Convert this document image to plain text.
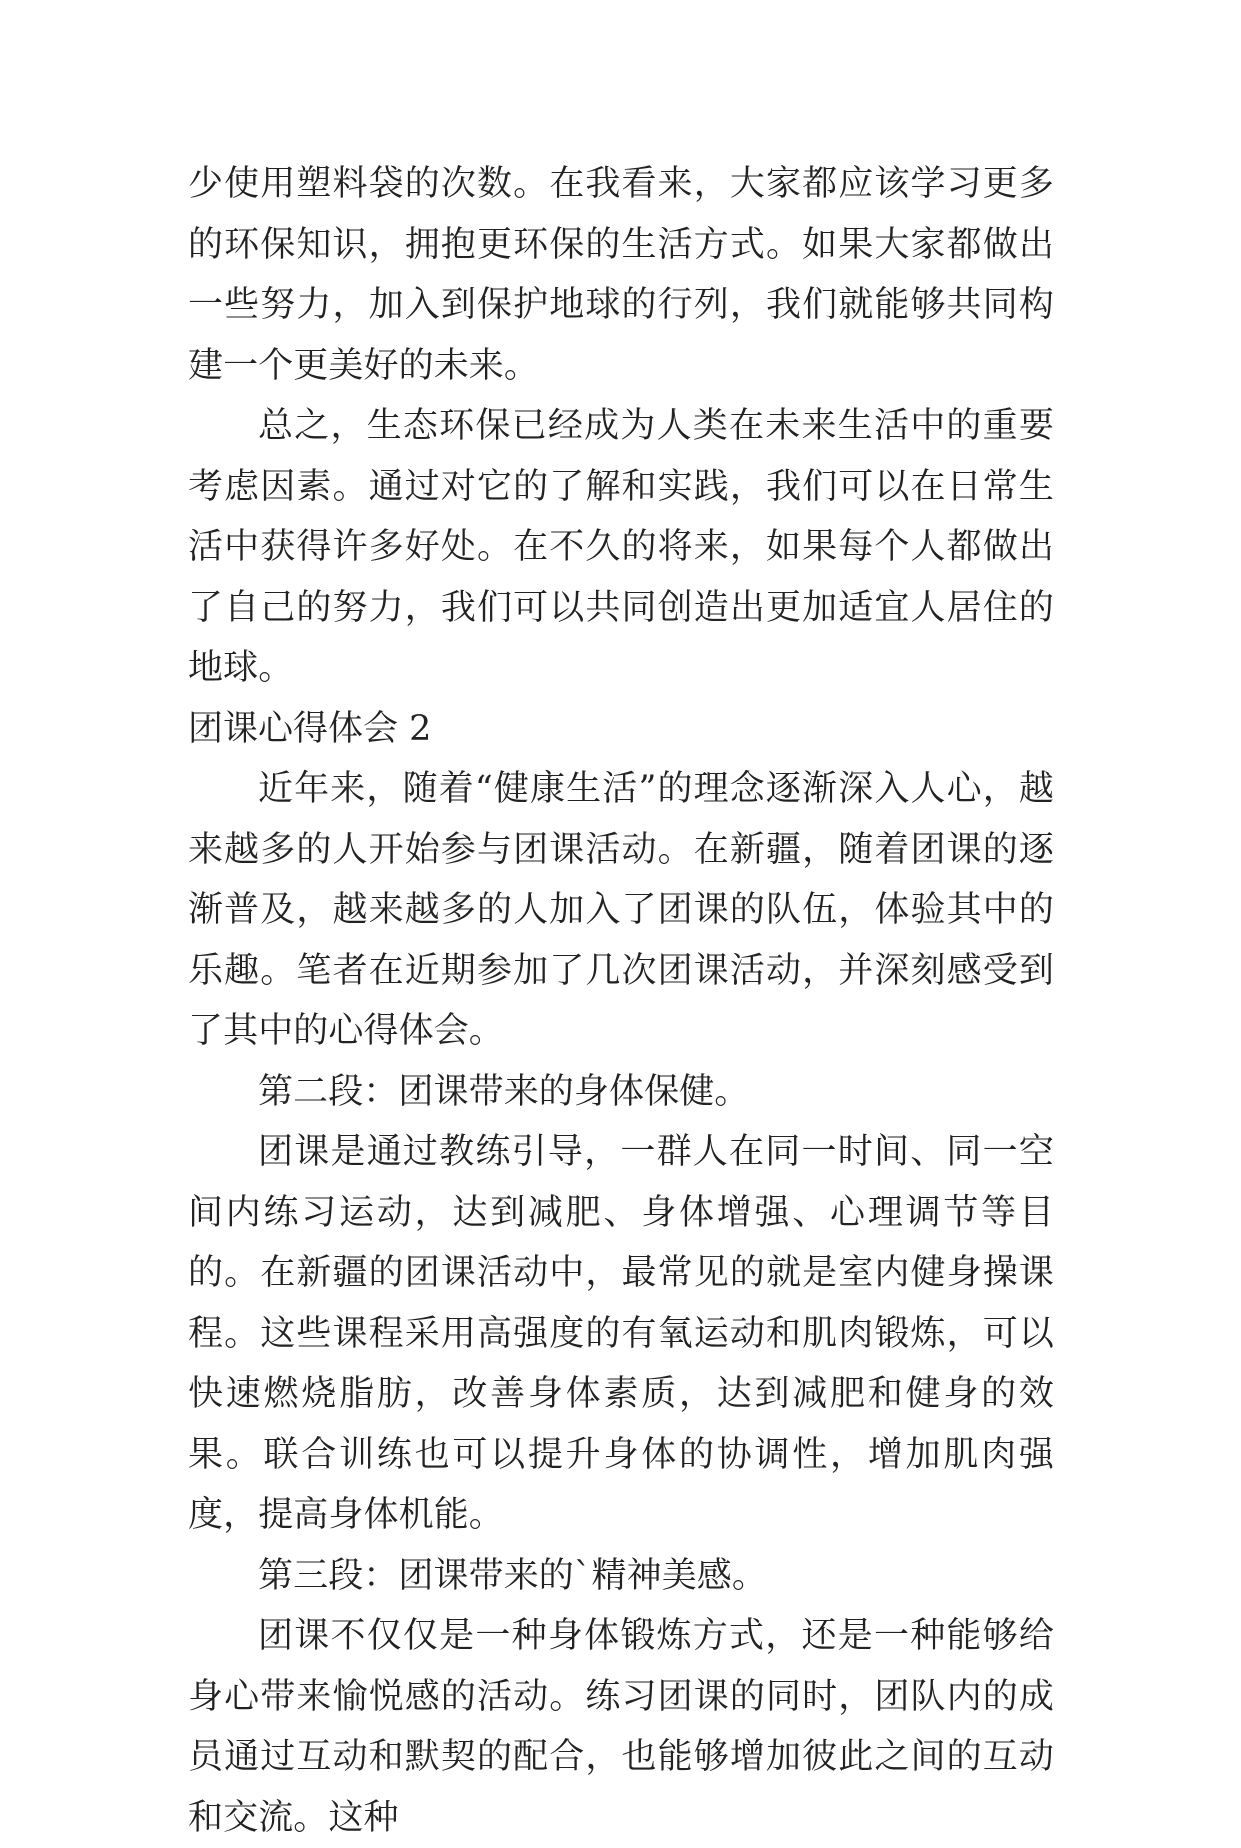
少使用塑料袋的次数。在我看来，大家都应该学习更多的环保知识，拥抱更环保的生活方式。如果大家都做出一些努力，加入到保护地球的行列，我们就能够共同构建一个更美好的未来。

总之，生态环保已经成为人类在未来生活中的重要考虑因素。通过对它的了解和实践，我们可以在日常生活中获得许多好处。在不久的将来，如果每个人都做出了自己的努力，我们可以共同创造出更加适宜人居住的地球。

团课心得体会 2

近年来，随着“健康生活”的理念逐渐深入人心，越来越多的人开始参与团课活动。在新疆，随着团课的逐渐普及，越来越多的人加入了团课的队伍，体验其中的乐趣。笔者在近期参加了几次团课活动，并深刻感受到了其中的心得体会。

第二段：团课带来的身体保健。

团课是通过教练引导，一群人在同一时间、同一空间内练习运动，达到减肥、身体增强、心理调节等目的。在新疆的团课活动中，最常见的就是室内健身操课程。这些课程采用高强度的有氧运动和肌肉锻炼，可以快速燃烧脂肪，改善身体素质，达到减肥和健身的效果。联合训练也可以提升身体的协调性，增加肌肉强度，提高身体机能。

第三段：团课带来的`精神美感。

团课不仅仅是一种身体锻炼方式，还是一种能够给身心带来愉悦感的活动。练习团课的同时，团队内的成员通过互动和默契的配合，也能够增加彼此之间的互动和交流。这种
